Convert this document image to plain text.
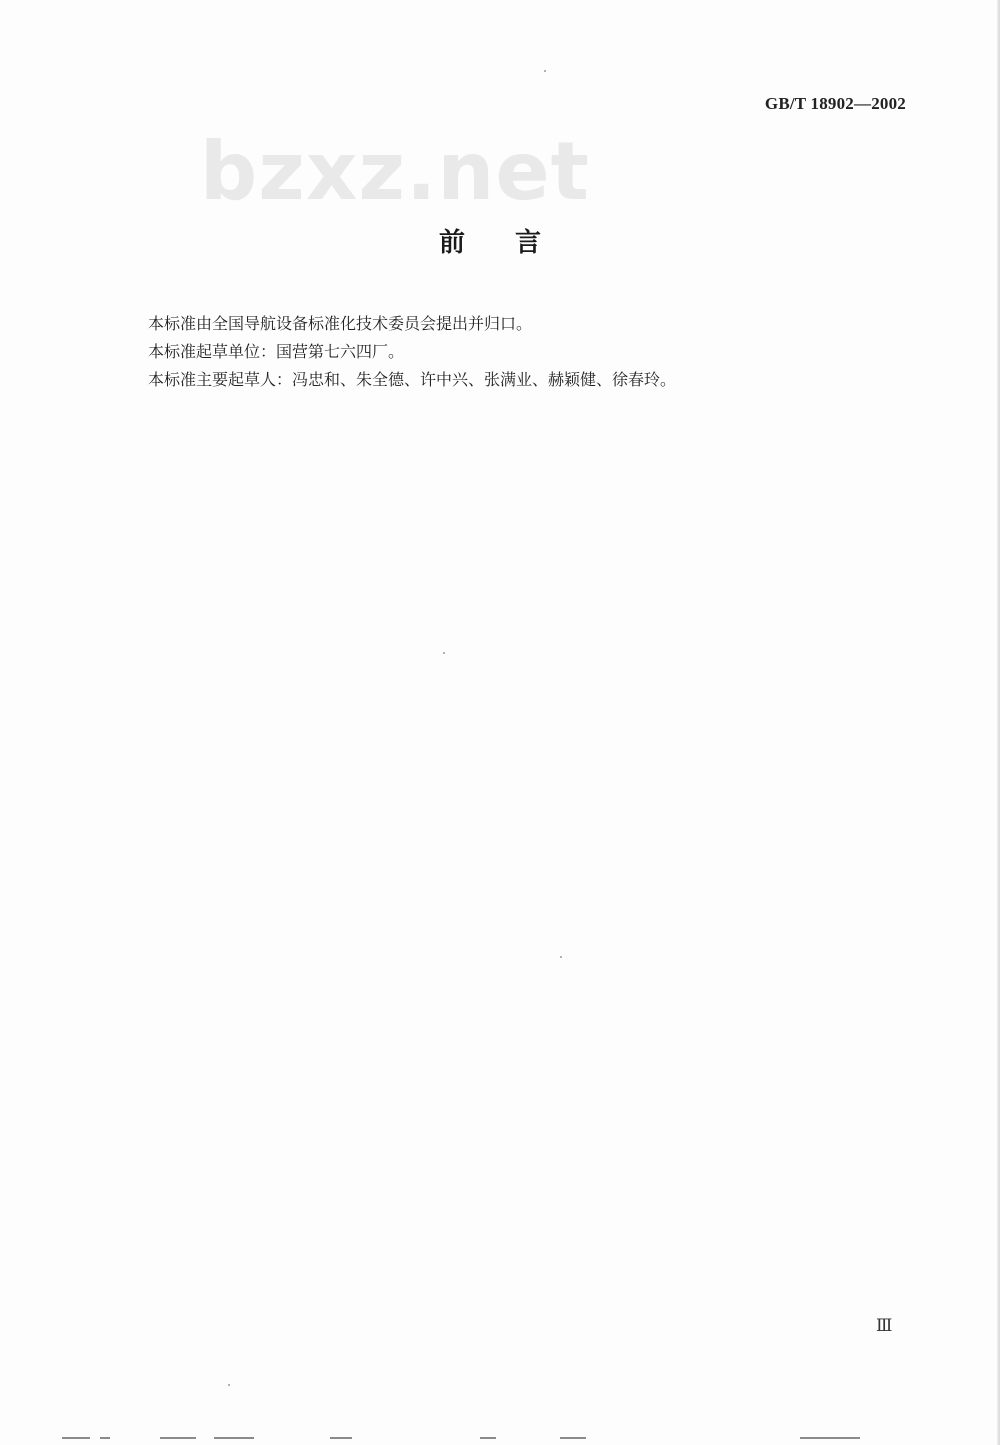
GB/T 18902—2002
bzxz.net
前言

本标准由全国导航设备标准化技术委员会提出并归口。

本标准起草单位：国营第七六四厂。

本标准主要起草人：冯忠和、朱全德、许中兴、张满业、赫颖健、徐春玲。

Ⅲ
